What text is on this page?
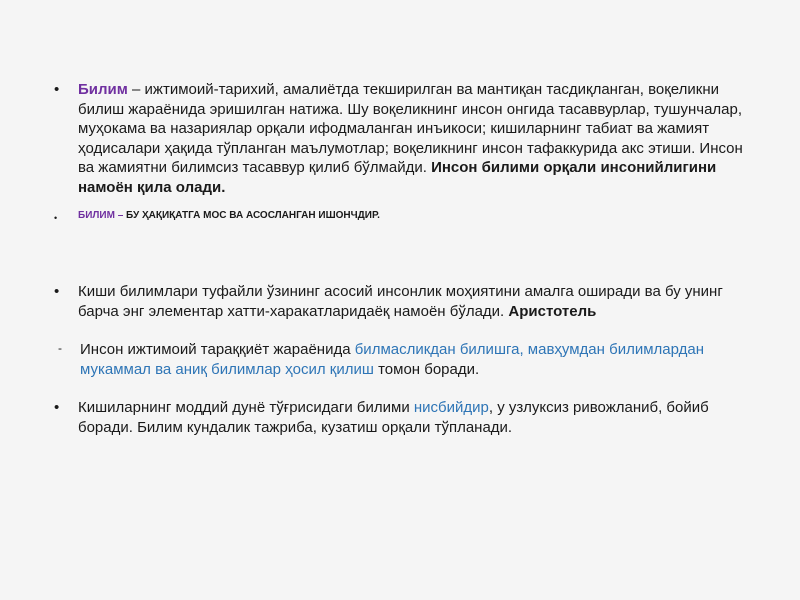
• Билим – ижтимоий-тарихий, амалиётда текширилган ва мантиқан тасдиқланган, воқеликни билиш жараёнида эришилган натижа. Шу воқеликнинг инсон онгида тасаввурлар, тушунчалар, муҳокама ва назариялар орқали ифодмаланган инъикоси; кишиларнинг табиат ва жамият ҳодисалари ҳақида тўпланган маълумотлар; воқеликнинг инсон тафаккурида акс этиши. Инсон ва жамиятни билимсиз тасаввур қилиб бўлмайди. Инсон билими орқали инсонийлигини намоён қила олади.
• БИЛИМ – БУ ҲАҚИҚАТГА МОС ВА АСОСЛАНГАН ИШОНЧДИР.
• Киши билимлари туфайли ўзининг асосий инсонлик моҳиятини амалга оширади ва бу унинг барча энг элементар хатти-харакатларидаёқ намоён бўлади. Аристотель
- Инсон ижтимоий тараққиёт жараёнида билмасликдан билишга, мавҳумдан билимлардан мукаммал ва аниқ билимлар ҳосил қилиш томон боради.
• Кишиларнинг моддий дунё тўғрисидаги билими нисбийдир, у узлуксиз ривожланиб, бойиб боради. Билим кундалик тажриба, кузатиш орқали тўпланади.
